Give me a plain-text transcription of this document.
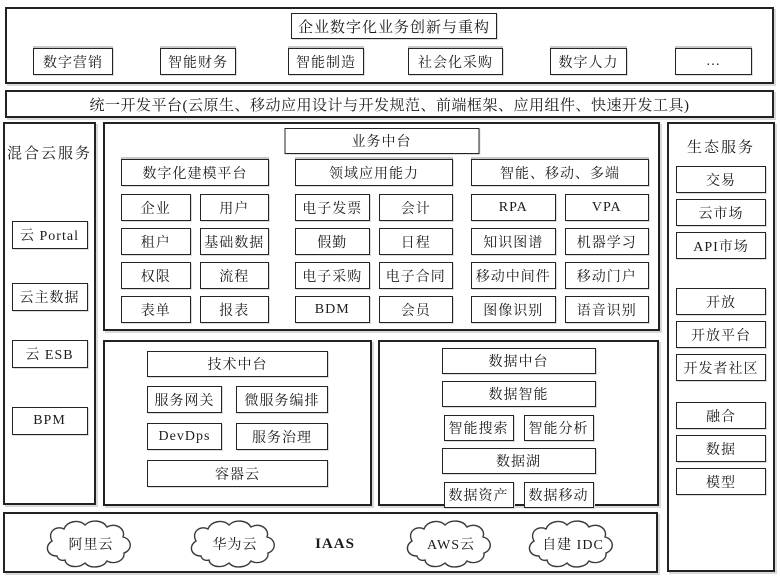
企业数字化业务创新与重构
数字营销	智能财务	智能制造	社会化采购	数字人力	…
统一开发平台(云原生、移动应用设计与开发规范、前端框架、应用组件、快速开发工具)
混合云服务
云 Portal
云主数据
云 ESB
BPM
业务中台
数字化建模平台
企业	用户
租户	基础数据
权限	流程
表单	报表
领域应用能力
电子发票	会计
假勤	日程
电子采购	电子合同
BDM	会员
智能、移动、多端
RPA	VPA
知识图谱	机器学习
移动中间件	移动门户
图像识别	语音识别
技术中台
服务网关	微服务编排
DevDps	服务治理
容器云
数据中台
数据智能
智能搜索	智能分析
数据湖
数据资产	数据移动
生态服务
交易
云市场
API市场
开放
开放平台
开发者社区
融合
数据
模型
阿里云	华为云	IAAS	AWS云	自建 IDC
